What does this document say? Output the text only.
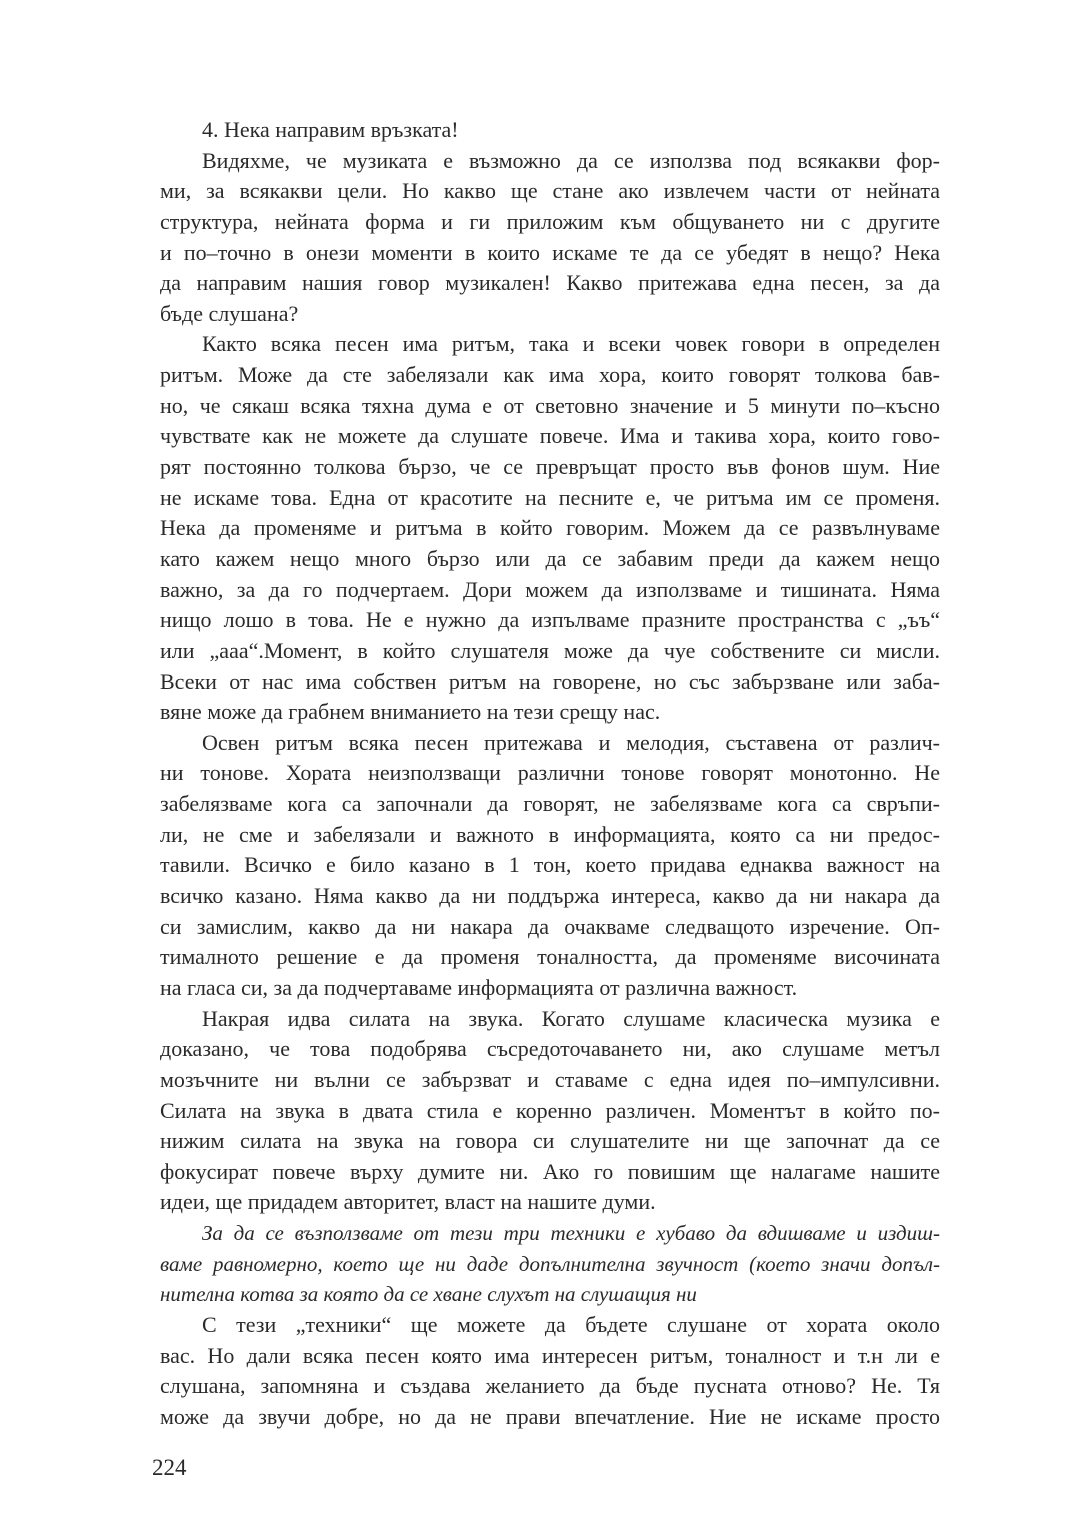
4. Нека направим връзката!
Видяхме, че музиката е възможно да се използва под всякакви фор-
ми, за всякакви цели. Но какво ще стане ако извлечем части от нейната
структура, нейната форма и ги приложим към общуването ни с другите
и по–точно в онези моменти в които искаме те да се убедят в нещо? Нека
да направим нашия говор музикален! Какво притежава една песен, за да
бъде слушана?
Както всяка песен има ритъм, така и всеки човек говори в определен
ритъм. Може да сте забелязали как има хора, които говорят толкова бав-
но, че сякаш всяка тяхна дума е от световно значение и 5 минути по–късно
чувствате как не можете да слушате повече. Има и такива хора, които гово-
рят постоянно толкова бързо, че се превръщат просто във фонов шум. Ние
не искаме това. Една от красотите на песните е, че ритъма им се променя.
Нека да променяме и ритъма в който говорим. Можем да се развълнуваме
като кажем нещо много бързо или да се забавим преди да кажем нещо
важно, за да го подчертаем. Дори можем да използваме и тишината. Няма
нищо лошо в това. Не е нужно да изпълваме празните пространства с „ъъ“
или „ааа“.Момент, в който слушателя може да чуе собствените си мисли.
Всеки от нас има собствен ритъм на говорене, но със забързване или заба-
вяне може да грабнем вниманието на тези срещу нас.
Освен ритъм всяка песен притежава и мелодия, съставена от различ-
ни тонове. Хората неизползващи различни тонове говорят монотонно. Не
забелязваме кога са започнали да говорят, не забелязваме кога са свръпи-
ли, не сме и забелязали и важното в информацията, която са ни предос-
тавили. Всичко е било казано в 1 тон, което придава еднаква важност на
всичко казано. Няма какво да ни поддържа интереса, какво да ни накара да
си замислим, какво да ни накара да очакваме следващото изречение. Оп-
тималното решение е да променя тоналността, да променяме височината
на гласа си, за да подчертаваме информацията от различна важност.
Накрая идва силата на звука. Когато слушаме класическа музика е
доказано, че това подобрява съсредоточаването ни, ако слушаме метъл
мозъчните ни вълни се забързват и ставаме с една идея по–импулсивни.
Силата на звука в двата стила е коренно различен. Моментът в който по-
нижим силата на звука на говора си слушателите ни ще започнат да се
фокусират повече върху думите ни. Ако го повишим ще налагаме нашите
идеи, ще придадем авторитет, власт на нашите думи.
За да се възползваме от тези три техники е хубаво да вдишваме и издиш-
ваме равномерно, което ще ни даде допълнителна звучност (което значи допъл-
нителна котва за която да се хване слухът на слушащия ни
С тези „техники“ ще можете да бъдете слушане от хората около
вас. Но дали всяка песен която има интересен ритъм, тоналност и т.н ли е
слушана, запомняна и създава желанието да бъде пусната отново? Не. Тя
може да звучи добре, но да не прави впечатление. Ние не искаме просто
224
